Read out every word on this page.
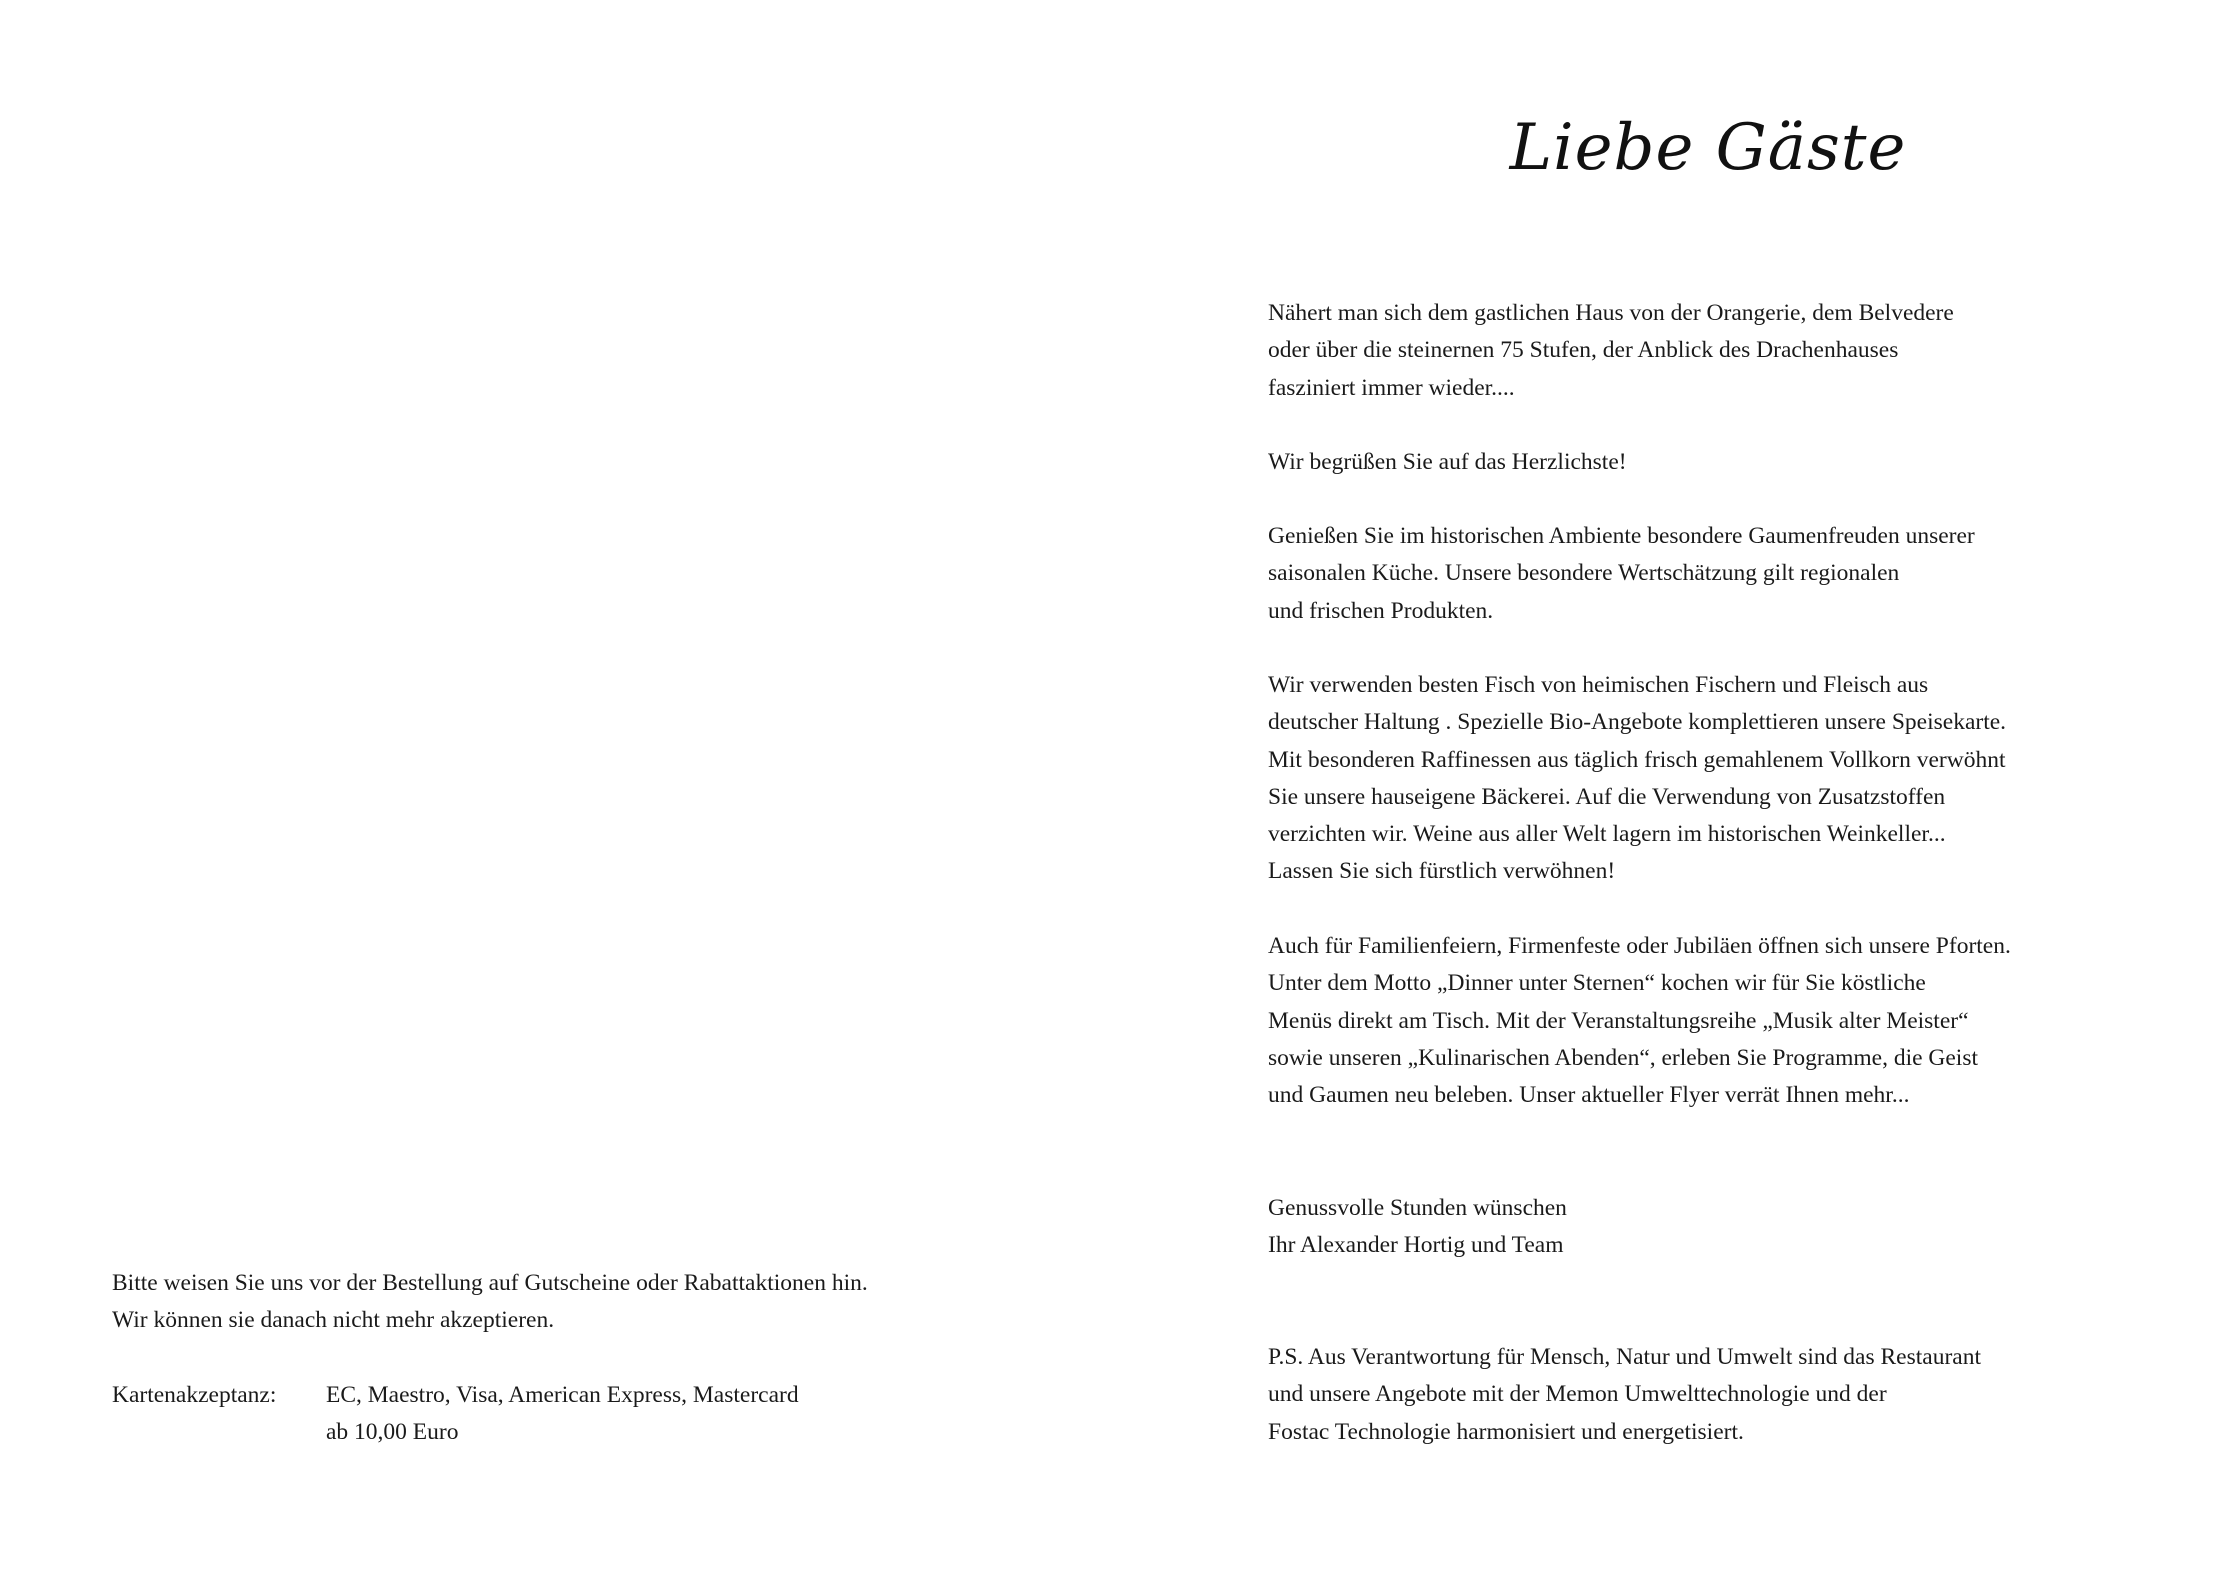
Bitte weisen Sie uns vor der Bestellung auf Gutscheine oder Rabattaktionen hin.
Wir können sie danach nicht mehr akzeptieren.
Kartenakzeptanz:	EC, Maestro, Visa, American Express, Mastercard
ab 10,00 Euro
Liebe Gäste
Nähert man sich dem gastlichen Haus von der Orangerie, dem Belvedere
oder über die steinernen 75 Stufen, der Anblick des Drachenhauses
fasziniert immer wieder....
Wir begrüßen Sie auf das Herzlichste!
Genießen Sie im historischen Ambiente besondere Gaumenfreuden unserer
saisonalen Küche. Unsere besondere Wertschätzung gilt regionalen
und frischen Produkten.
Wir verwenden besten Fisch von heimischen Fischern und Fleisch aus
deutscher Haltung . Spezielle Bio-Angebote komplettieren unsere Speisekarte.
Mit besonderen Raffinessen aus täglich frisch gemahlenem Vollkorn verwöhnt
Sie unsere hauseigene Bäckerei. Auf die Verwendung von Zusatzstoffen
verzichten wir. Weine aus aller Welt lagern im historischen Weinkeller...
Lassen Sie sich fürstlich verwöhnen!
Auch für Familienfeiern, Firmenfeste oder Jubiläen öffnen sich unsere Pforten.
Unter dem Motto „Dinner unter Sternen“ kochen wir für Sie köstliche
Menüs direkt am Tisch. Mit der Veranstaltungsreihe „Musik alter Meister“
sowie unseren „Kulinarischen Abenden“, erleben Sie Programme, die Geist
und Gaumen neu beleben. Unser aktueller Flyer verrät Ihnen mehr...
Genussvolle Stunden wünschen
Ihr Alexander Hortig und Team
P.S. Aus Verantwortung für Mensch, Natur und Umwelt sind das Restaurant
und unsere Angebote mit der Memon Umwelttechnologie und der
Fostac Technologie harmonisiert und energetisiert.
